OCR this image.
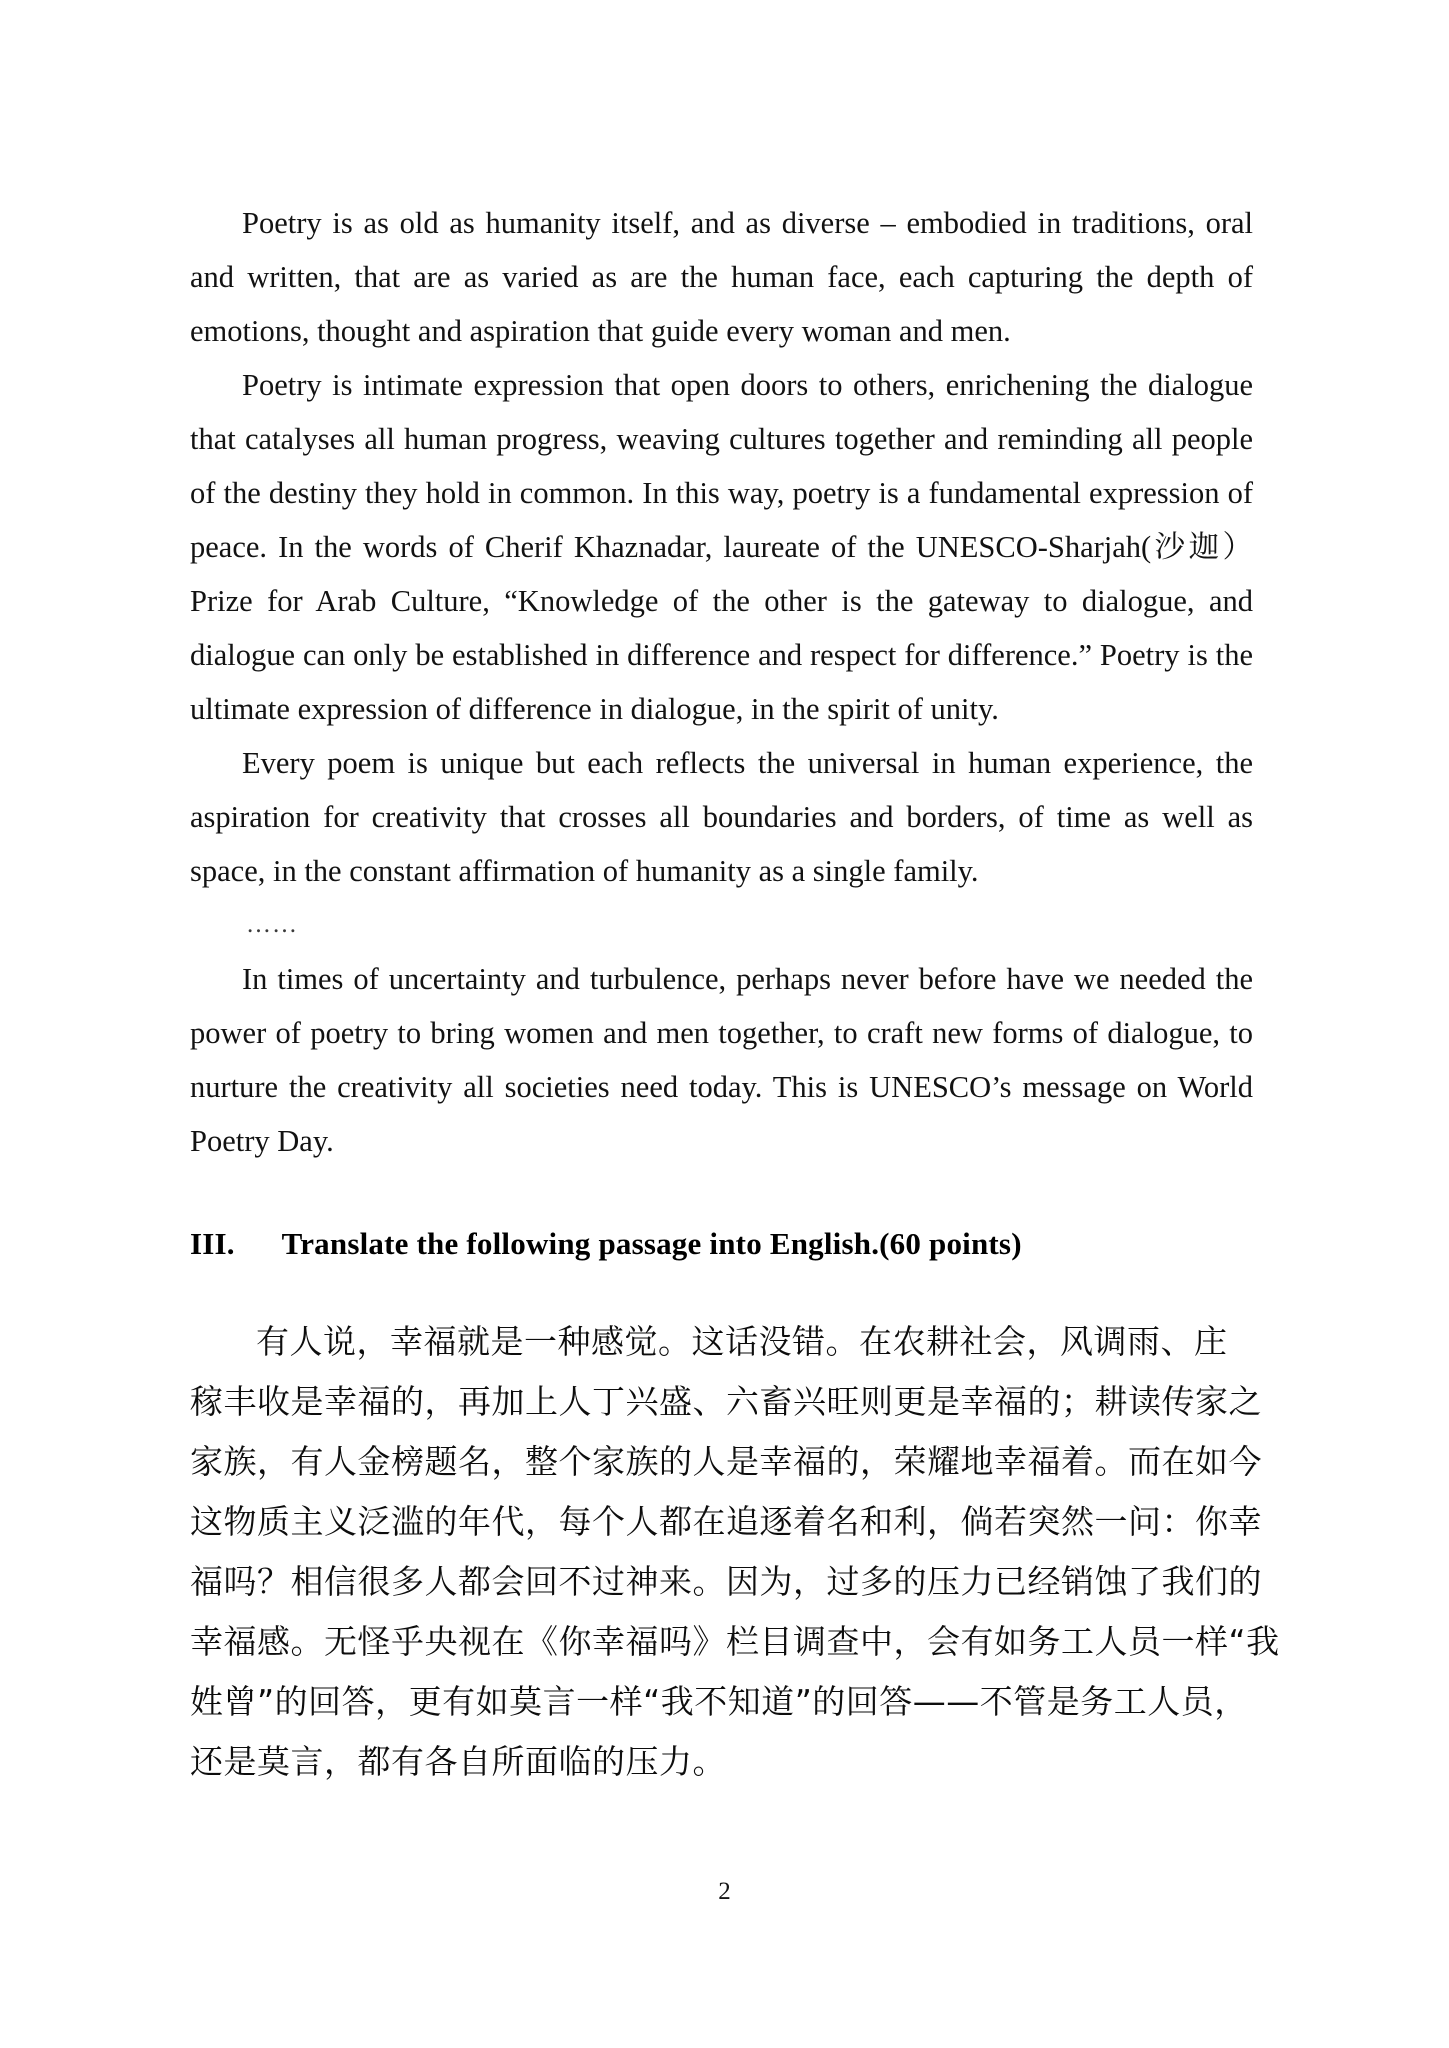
Poetry is as old as humanity itself, and as diverse – embodied in traditions, oral and written, that are as varied as are the human face, each capturing the depth of emotions, thought and aspiration that guide every woman and men.

Poetry is intimate expression that open doors to others, enrichening the dialogue that catalyses all human progress, weaving cultures together and reminding all people of the destiny they hold in common. In this way, poetry is a fundamental expression of peace. In the words of Cherif Khaznadar, laureate of the UNESCO-Sharjah(沙迦）Prize for Arab Culture, “Knowledge of the other is the gateway to dialogue, and dialogue can only be established in difference and respect for difference.” Poetry is the ultimate expression of difference in dialogue, in the spirit of unity.

Every poem is unique but each reflects the universal in human experience, the aspiration for creativity that crosses all boundaries and borders, of time as well as space, in the constant affirmation of humanity as a single family.

……

In times of uncertainty and turbulence, perhaps never before have we needed the power of poetry to bring women and men together, to craft new forms of dialogue, to nurture the creativity all societies need today. This is UNESCO’s message on World Poetry Day.

III.  Translate the following passage into English.(60 points)

有人说，幸福就是一种感觉。这话没错。在农耕社会，风调雨、庄
稼丰收是幸福的，再加上人丁兴盛、六畜兴旺则更是幸福的；耕读传家之
家族，有人金榜题名，整个家族的人是幸福的，荣耀地幸福着。而在如今
这物质主义泛滥的年代，每个人都在追逐着名和利，倘若突然一问：你幸
福吗？相信很多人都会回不过神来。因为，过多的压力已经销蚀了我们的
幸福感。无怪乎央视在《你幸福吗》栏目调查中，会有如务工人员一样“我
姓曾”的回答，更有如莫言一样“我不知道”的回答——不管是务工人员，
还是莫言，都有各自所面临的压力。

2
